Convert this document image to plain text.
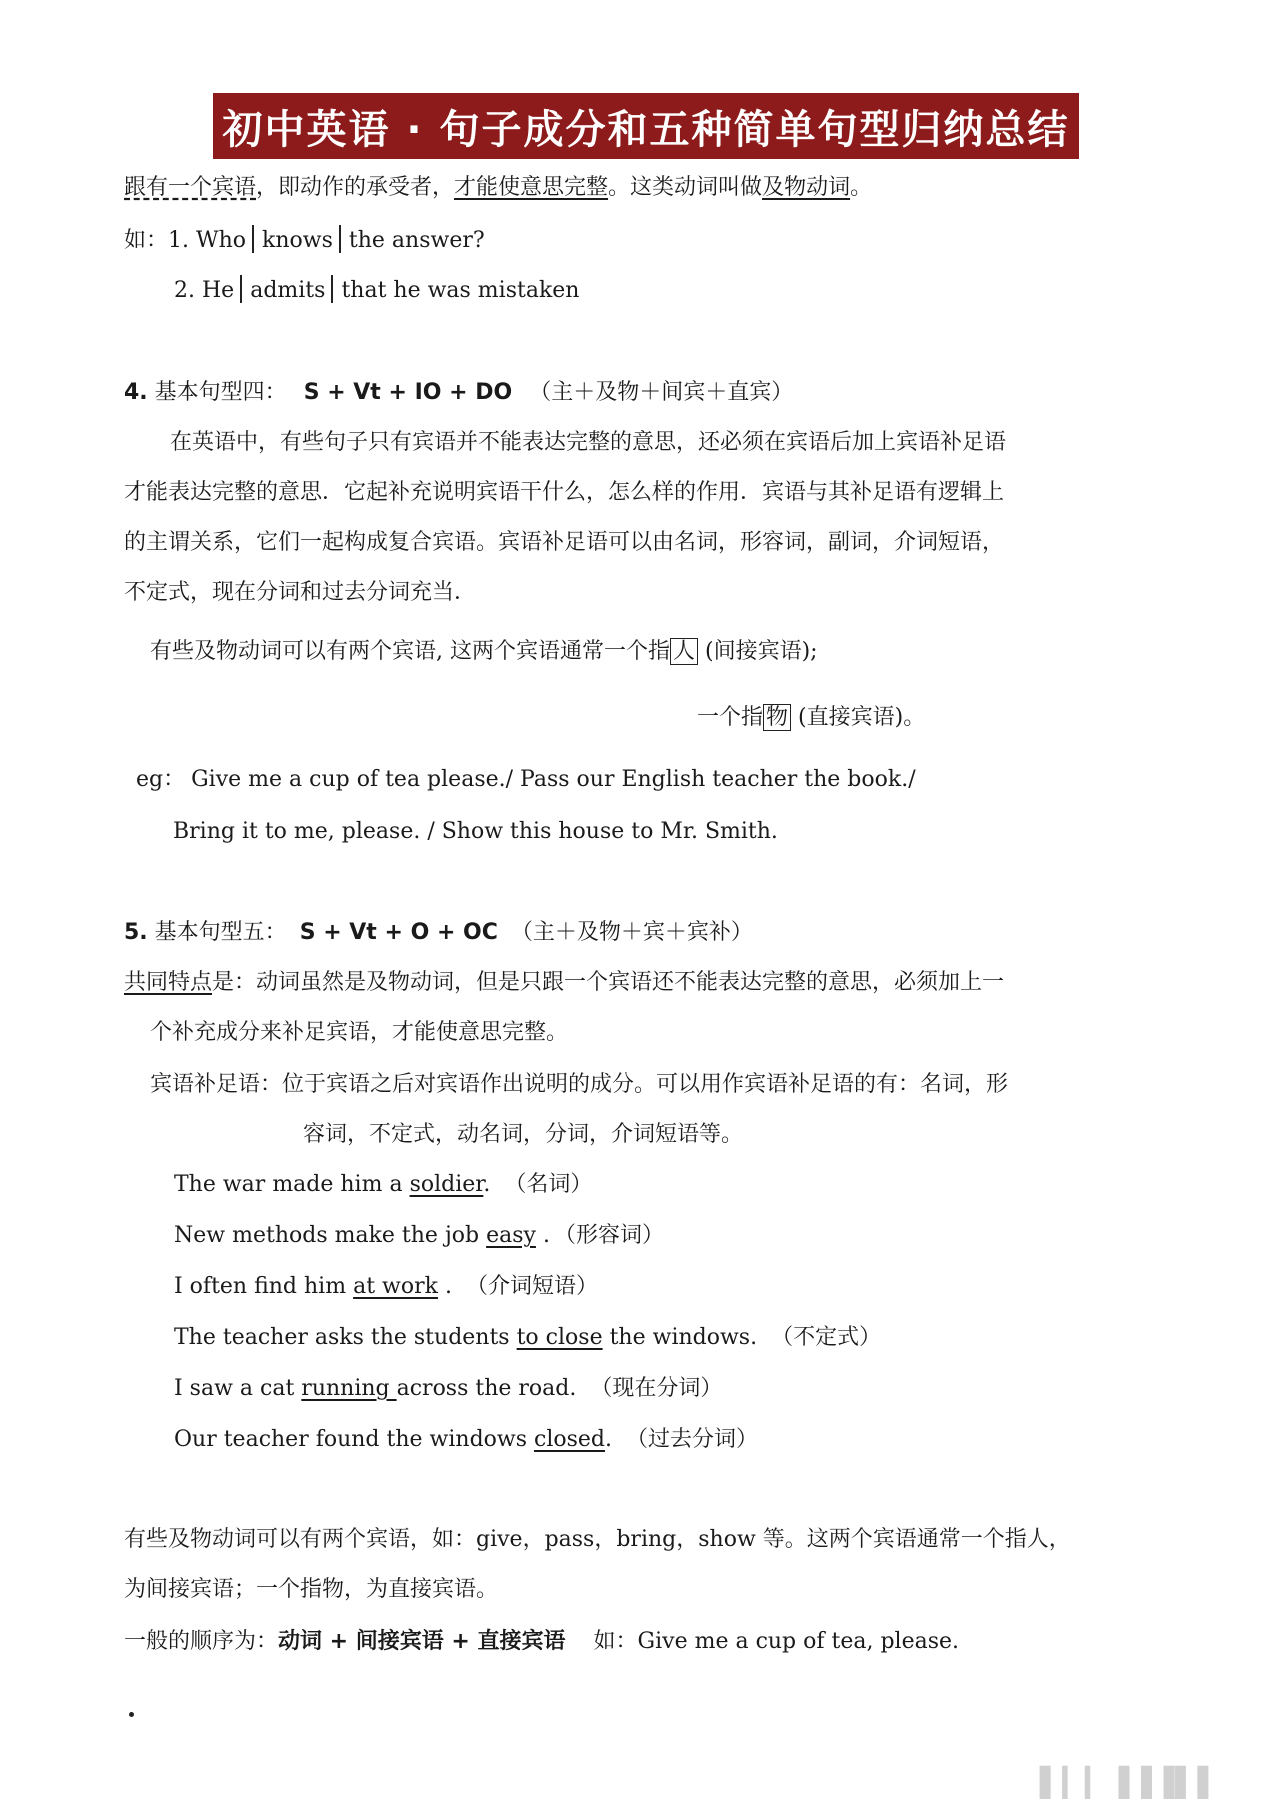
初中英语 · 句子成分和五种简单句型归纳总结
跟有一个宾语，即动作的承受者，才能使意思完整。这类动词叫做及物动词。
如：1. Who knows the answer?
2. He admits that he was mistaken
4. 基本句型四： S + Vt + IO + DO （主＋及物＋间宾＋直宾）
在英语中，有些句子只有宾语并不能表达完整的意思，还必须在宾语后加上宾语补足语
才能表达完整的意思．它起补充说明宾语干什么，怎么样的作用．宾语与其补足语有逻辑上
的主谓关系，它们一起构成复合宾语。宾语补足语可以由名词，形容词，副词，介词短语，
不定式，现在分词和过去分词充当．
有些及物动词可以有两个宾语, 这两个宾语通常一个指 人 (间接宾语);
一个指 物 (直接宾语)。
eg： Give me a cup of tea please./ Pass our English teacher the book./
Bring it to me, please. / Show this house to Mr. Smith.
5. 基本句型五： S + Vt + O + OC （主＋及物＋宾＋宾补）
共同特点是：动词虽然是及物动词，但是只跟一个宾语还不能表达完整的意思，必须加上一
个补充成分来补足宾语，才能使意思完整。
宾语补足语：位于宾语之后对宾语作出说明的成分。可以用作宾语补足语的有：名词，形
容词，不定式，动名词，分词，介词短语等。
The war made him a soldier. （名词）
New methods make the job easy . （形容词）
I often find him at work . （介词短语）
The teacher asks the students to close the windows. （不定式）
I saw a cat running across the road. （现在分词）
Our teacher found the windows closed. （过去分词）
有些及物动词可以有两个宾语，如：give，pass，bring，show 等。这两个宾语通常一个指人，
为间接宾语；一个指物，为直接宾语。
一般的顺序为：动词 + 间接宾语 + 直接宾语 如：Give me a cup of tea, please.
▌▎▎▐▐▐▌▌
